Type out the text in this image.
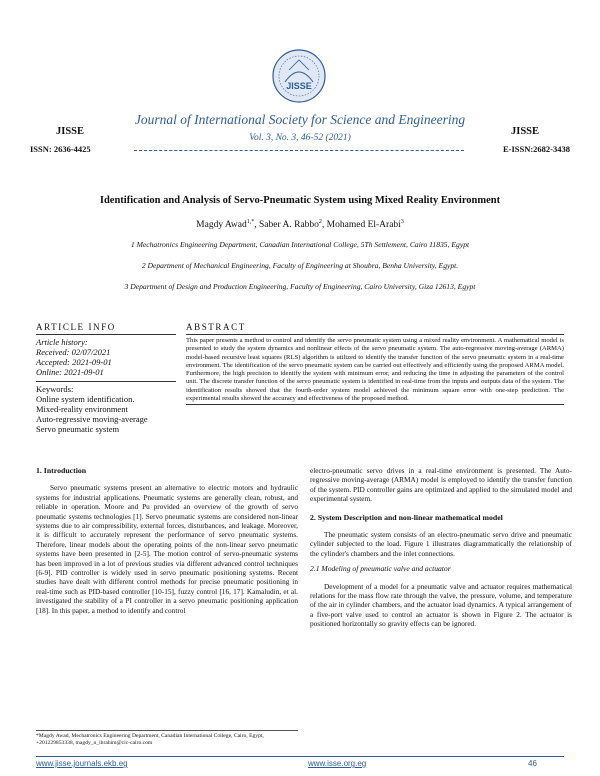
JISSE
ISSN: 2636-4425
JISSE
Journal of International Society for Science and Engineering
Vol. 3, No. 3, 46-52 (2021)
JISSE
E-ISSN:2682-3438
Identification and Analysis of Servo-Pneumatic System using Mixed Reality Environment
Magdy Awad$^{1,*}$, Saber A. Rabbo$^2$, Mohamed El-Arabi$^3$
1 Mechatronics Engineering Department, Canadian International College, 5Th Settlement, Cairo 11835, Egypt
2 Department of Mechanical Engineering, Faculty of Engineering at Shoubra, Benha University, Egypt.
3 Department of Design and Production Engineering, Faculty of Engineering, Cairo University, Giza 12613, Egypt
ARTICLE INFO
Article history:
Received: 02/07/2021
Accepted: 2021-09-01
Online: 2021-09-01
Keywords:
Online system identification.
Mixed-reality environment
Auto-regressive moving-average
Servo pneumatic system
ABSTRACT
This paper presents a method to control and identify the servo pneumatic system using a mixed reality environment. A mathematical model is presented to study the system dynamics and nonlinear effects of the servo pneumatic system. The auto-regressive moving-average (ARMA) model-based recursive least squares (RLS) algorithm is utilized to identify the transfer function of the servo pneumatic system in a real-time environment. The identification of the servo pneumatic system can be carried out effectively and efficiently using the proposed ARMA model. Furthermore, the high precision to identify the system with minimum error, and reducing the time in adjusting the parameters of the control unit. The discrete transfer function of the servo pneumatic system is identified in real-time from the inputs and outputs data of the system. The identification results showed that the fourth-order system model achieved the minimum square error with one-step prediction. The experimental results showed the accuracy and effectiveness of the proposed method.
1. Introduction
Servo pneumatic systems present an alternative to electric motors and hydraulic systems for industrial applications. Pneumatic systems are generally clean, robust, and reliable in operation. Moore and Pu provided an overview of the growth of servo pneumatic systems technologies [1]. Servo pneumatic systems are considered non-linear systems due to air compressibility, external forces, disturbances, and leakage. Moreover, it is difficult to accurately represent the performance of servo pneumatic systems. Therefore, linear models about the operating points of the non-linear servo pneumatic systems have been presented in [2-5]. The motion control of servo-pneumatic systems has been improved in a lot of previous studies via different advanced control techniques [6-9]. PID controller is widely used in servo pneumatic positioning systems. Recent studies have dealt with different control methods for precise pneumatic positioning in real-time such as PID-based controller [10-15], fuzzy control [16, 17]. Kamaludin, et al. investigated the stability of a PI controller in a servo pneumatic positioning application [18]. In this paper, a method to identify and control
electro-pneumatic servo drives in a real-time environment is presented. The Auto-regressive moving-average (ARMA) model is employed to identify the transfer function of the system. PID controller gains are optimized and applied to the simulated model and experimental system.
2. System Description and non-linear mathematical model
The pneumatic system consists of an electro-pneumatic servo drive and pneumatic cylinder subjected to the load. Figure 1 illustrates diagrammatically the relationship of the cylinder's chambers and the inlet connections.
2.1 Modeling of pneumatic valve and actuator
Development of a model for a pneumatic valve and actuator requires mathematical relations for the mass flow rate through the valve, the pressure, volume, and temperature of the air in cylinder chambers, and the actuator load dynamics. A typical arrangement of a five-port valve used to control an actuator is shown in Figure 2. The actuator is positioned horizontally so gravity effects can be ignored.
*Magdy Awad, Mechatronics Engineering Department, Canadian International College, Cairo, Egypt, +201229853338, magdy_n_ibrahim@cic-cairo.com
www.jisse.journals.ekb.eg	www.isse.org.eg	46
